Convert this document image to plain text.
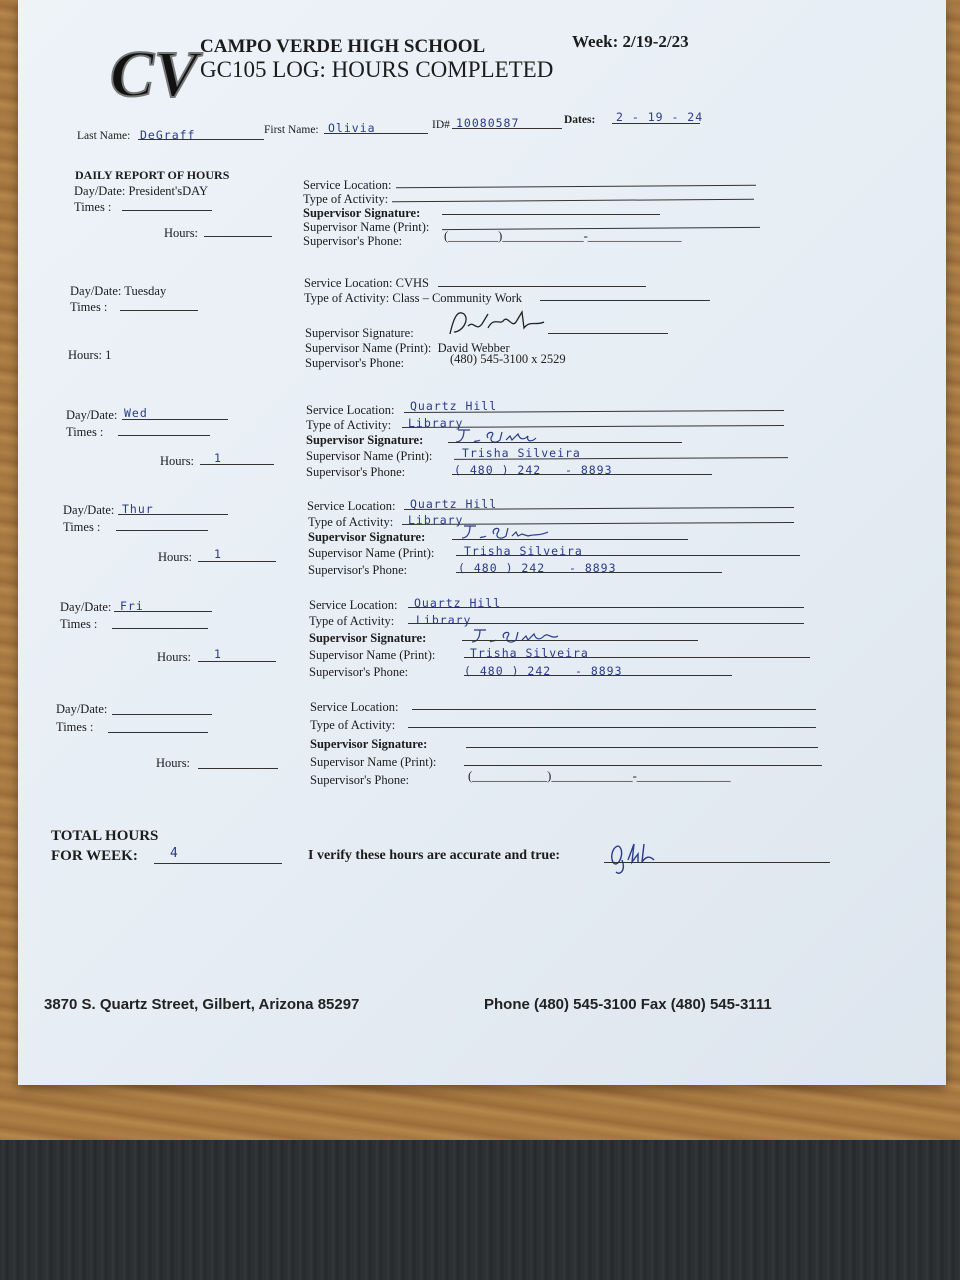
CV CAMPO VERDE HIGH SCHOOL
GC105 LOG: HOURS COMPLETED
Week: 2/19-2/23
Last Name: DeGraff	First Name: Olivia	ID# 10080587	Dates: 2 - 19 - 24
DAILY REPORT OF HOURS
Day/Date: President'sDAY
Times :
Hours:
Service Location:
Type of Activity:
Supervisor Signature:
Supervisor Name (Print):
Supervisor's Phone:	(________)_____________-_______________
Day/Date: Tuesday
Times :
Hours: 1
Service Location: CVHS
Type of Activity: Class – Community Work
Supervisor Signature:
Supervisor Name (Print): David Webber
Supervisor's Phone:	(480) 545-3100 x 2529
Day/Date: Wed
Times :
Hours: 1
Service Location: Quartz Hill
Type of Activity: Library
Supervisor Signature:
Supervisor Name (Print):	Trisha Silveira
Supervisor's Phone:	( 480 ) 242   - 8893
Day/Date: Thur
Times :
Hours: 1
Service Location: Quartz Hill
Type of Activity: Library
Supervisor Signature:
Supervisor Name (Print):	Trisha Silveira
Supervisor's Phone:	( 480 ) 242   - 8893
Day/Date: Fri
Times :
Hours: 1
Service Location: Quartz Hill
Type of Activity: Library
Supervisor Signature:
Supervisor Name (Print):	Trisha Silveira
Supervisor's Phone:	( 480 ) 242   - 8893
Day/Date:
Times :
Hours:
Service Location:
Type of Activity:
Supervisor Signature:
Supervisor Name (Print):
Supervisor's Phone:	(____________)_____________-_______________
TOTAL HOURS
FOR WEEK: 4	I verify these hours are accurate and true:
3870 S. Quartz Street, Gilbert, Arizona 85297	Phone (480) 545-3100 Fax (480) 545-3111
